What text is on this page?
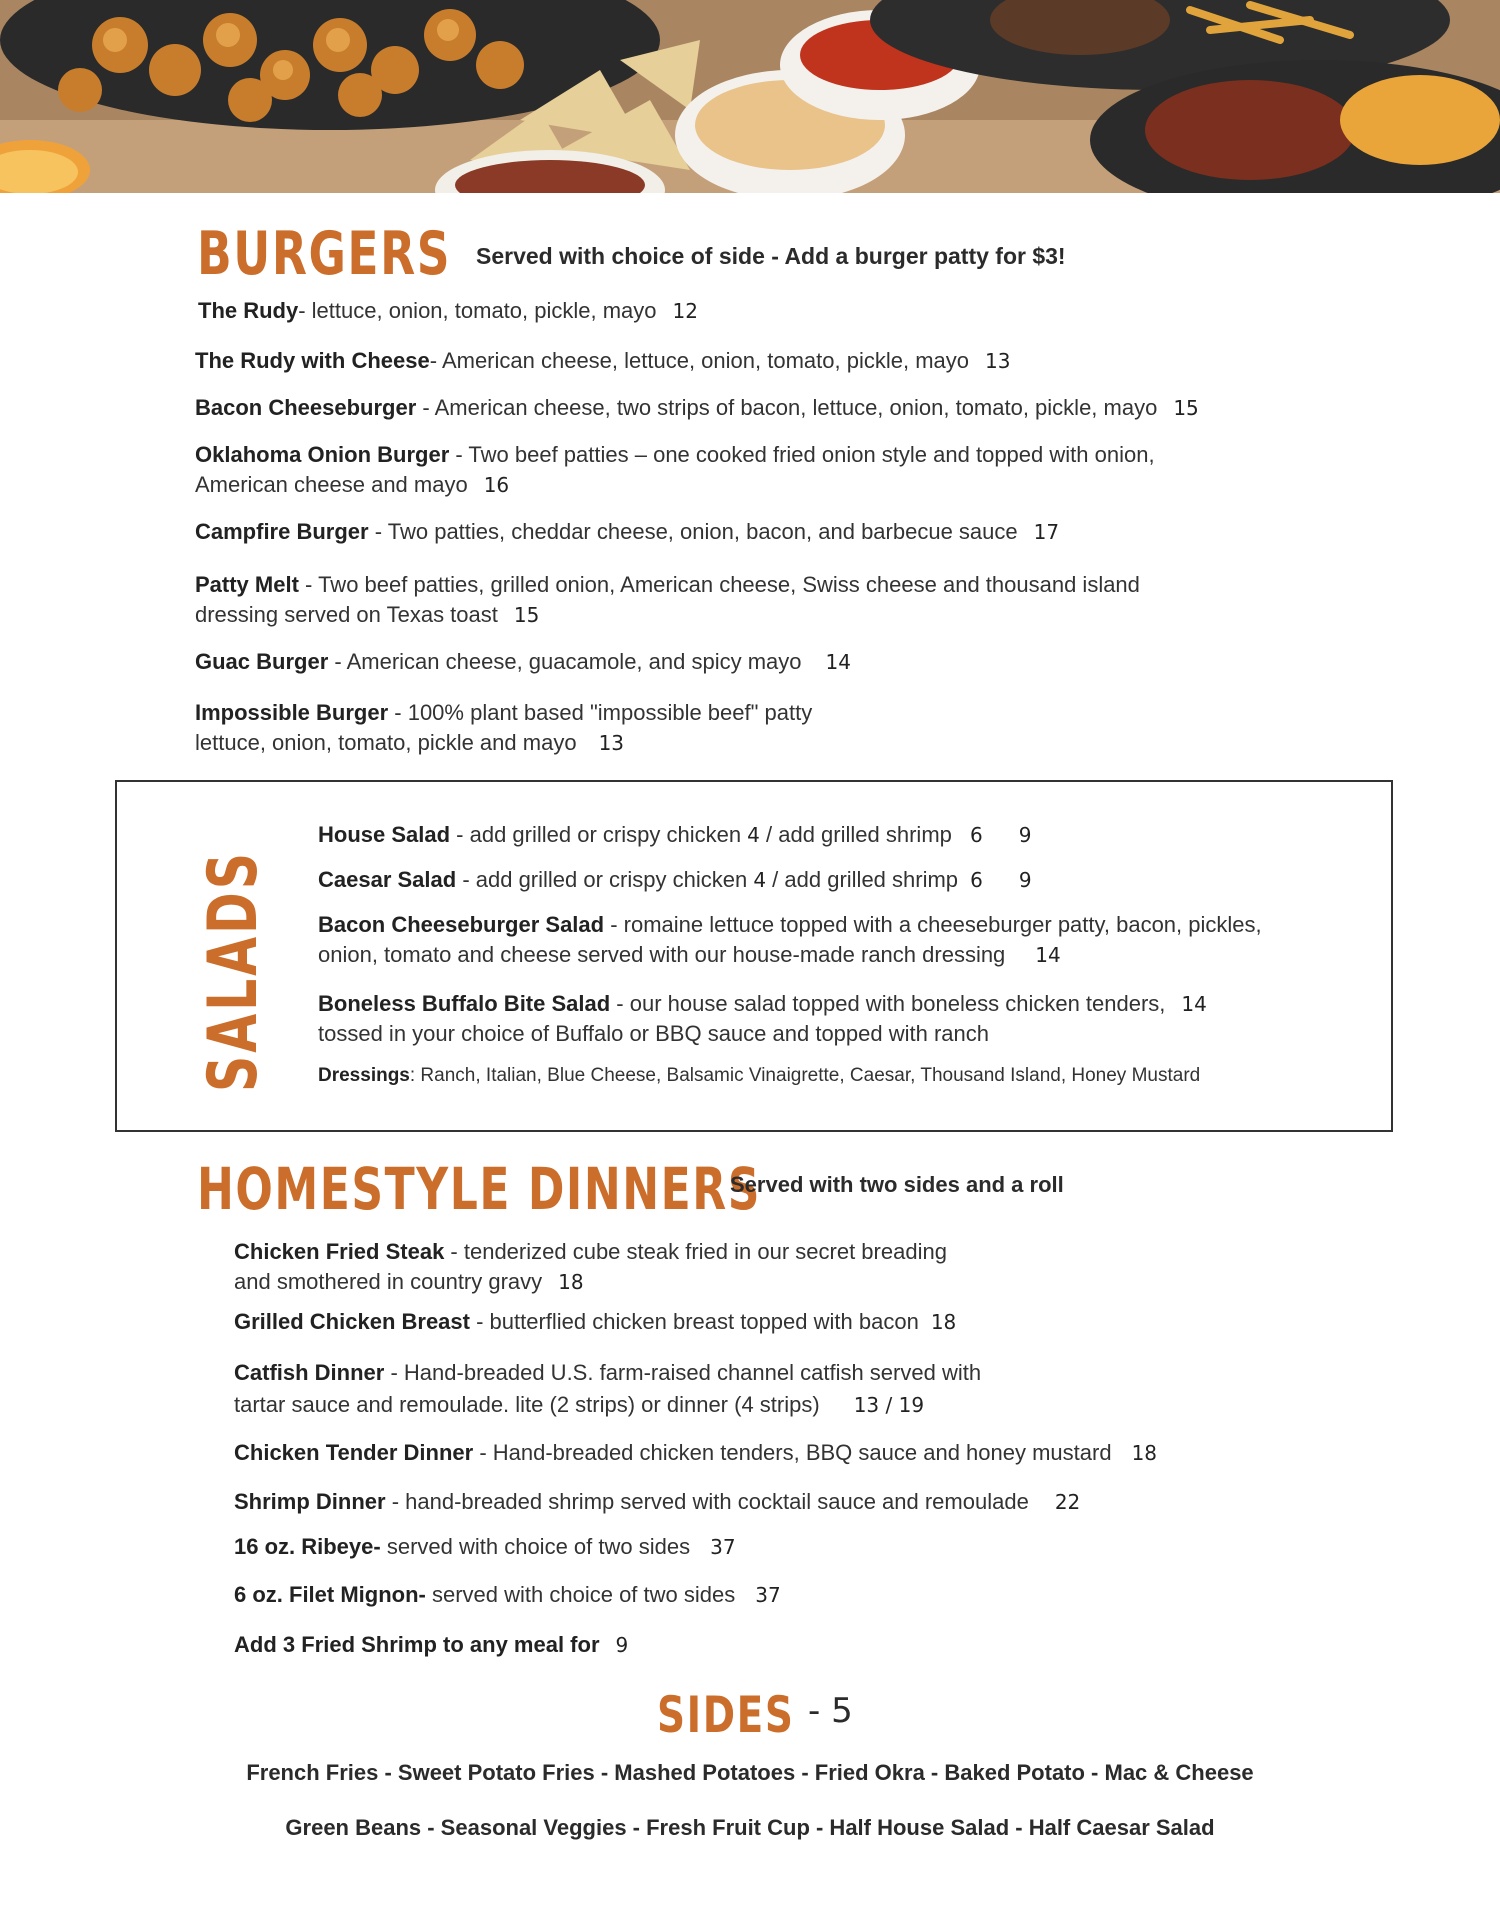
BURGERS Served with choice of side - Add a burger patty for $3!
The Rudy- lettuce, onion, tomato, pickle, mayo 12
The Rudy with Cheese- American cheese, lettuce, onion, tomato, pickle, mayo 13
Bacon Cheeseburger - American cheese, two strips of bacon, lettuce, onion, tomato, pickle, mayo 15
Oklahoma Onion Burger - Two beef patties – one cooked fried onion style and topped with onion,
American cheese and mayo 16
Campfire Burger - Two patties, cheddar cheese, onion, bacon, and barbecue sauce 17
Patty Melt - Two beef patties, grilled onion, American cheese, Swiss cheese and thousand island
dressing served on Texas toast 15
Guac Burger - American cheese, guacamole, and spicy mayo 14
Impossible Burger - 100% plant based "impossible beef" patty
lettuce, onion, tomato, pickle and mayo 13
SALADS
House Salad - add grilled or crispy chicken 4 / add grilled shrimp 6 9
Caesar Salad - add grilled or crispy chicken 4 / add grilled shrimp 6 9
Bacon Cheeseburger Salad - romaine lettuce topped with a cheeseburger patty, bacon, pickles,
onion, tomato and cheese served with our house-made ranch dressing 14
Boneless Buffalo Bite Salad - our house salad topped with boneless chicken tenders, 14
tossed in your choice of Buffalo or BBQ sauce and topped with ranch
Dressings: Ranch, Italian, Blue Cheese, Balsamic Vinaigrette, Caesar, Thousand Island, Honey Mustard
HOMESTYLE DINNERS
Served with two sides and a roll
Chicken Fried Steak - tenderized cube steak fried in our secret breading
and smothered in country gravy 18
Grilled Chicken Breast - butterflied chicken breast topped with bacon 18
Catfish Dinner - Hand-breaded U.S. farm-raised channel catfish served with
tartar sauce and remoulade. lite (2 strips) or dinner (4 strips) 13 / 19
Chicken Tender Dinner - Hand-breaded chicken tenders, BBQ sauce and honey mustard 18
Shrimp Dinner - hand-breaded shrimp served with cocktail sauce and remoulade 22
16 oz. Ribeye- served with choice of two sides 37
6 oz. Filet Mignon- served with choice of two sides 37
Add 3 Fried Shrimp to any meal for 9
SIDES - 5
French Fries - Sweet Potato Fries - Mashed Potatoes - Fried Okra - Baked Potato - Mac & Cheese
Green Beans - Seasonal Veggies - Fresh Fruit Cup - Half House Salad - Half Caesar Salad
